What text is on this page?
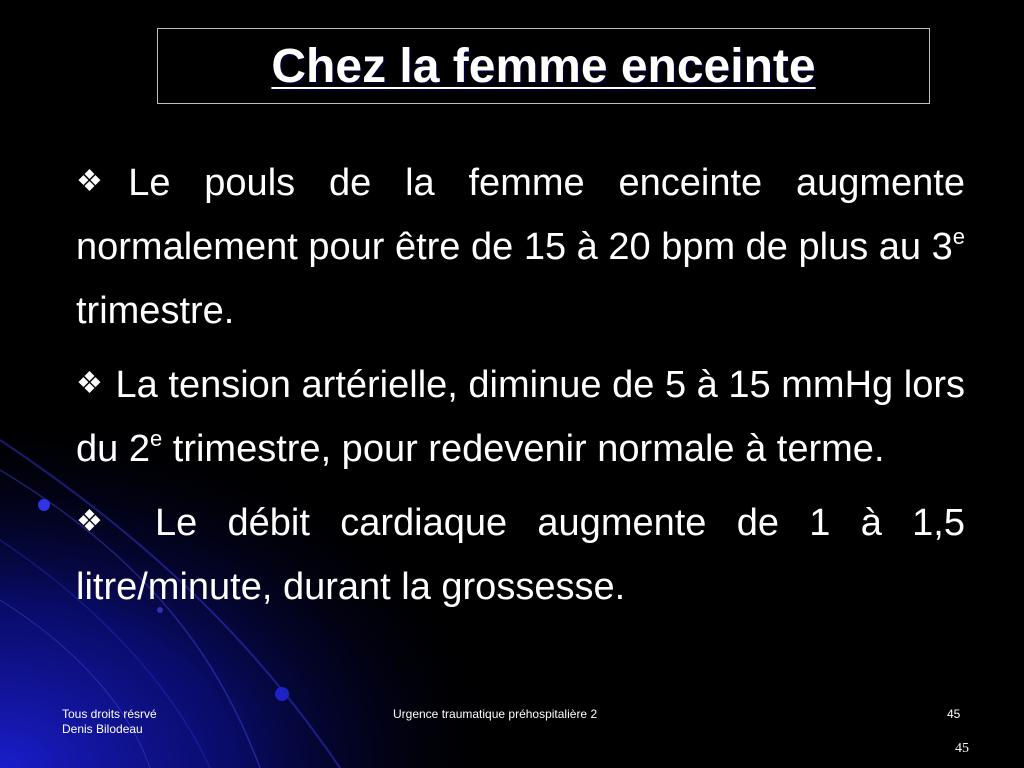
Chez la femme enceinte

❖Le pouls de la femme enceinte augmente normalement pour être de 15 à 20 bpm de plus au 3e trimestre.

❖ La tension artérielle, diminue de 5 à 15 mmHg lors du 2e trimestre, pour redevenir normale à terme.

❖ Le débit cardiaque augmente de 1 à 1,5 litre/minute, durant la grossesse.

Tous droits résrvé
Denis Bilodeau
Urgence traumatique préhospitalière 2	45
45
